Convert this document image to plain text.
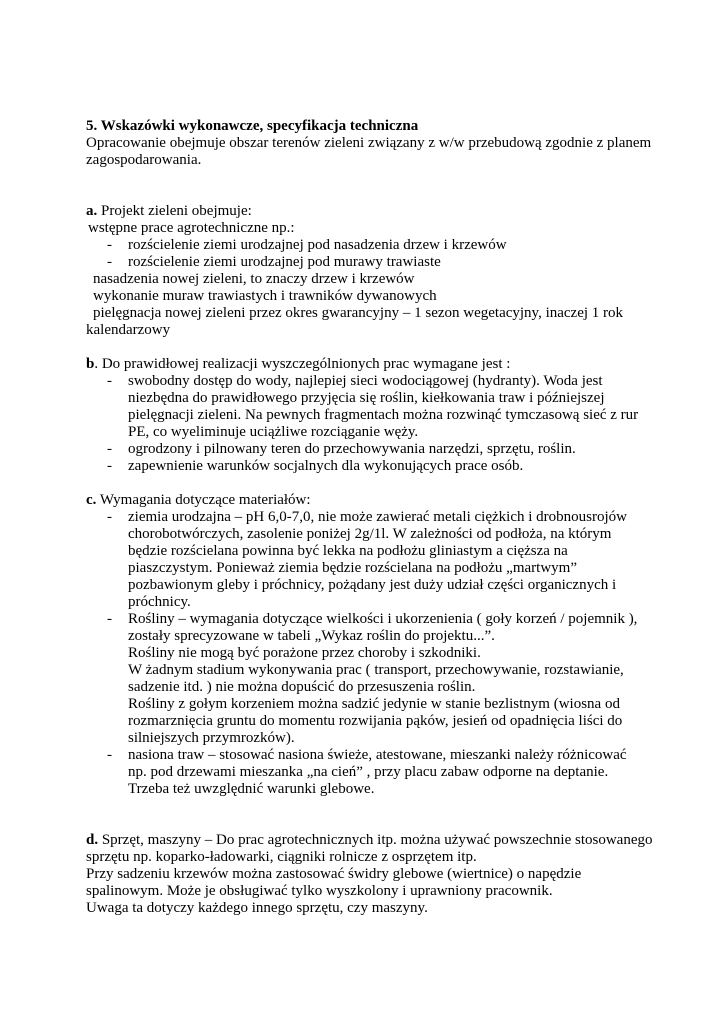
5. Wskazówki wykonawcze, specyfikacja techniczna
Opracowanie obejmuje obszar terenów zieleni związany z w/w przebudową zgodnie z planem
zagospodarowania.
a. Projekt zieleni obejmuje:
wstępne prace agrotechniczne np.:
- rozścielenie ziemi urodzajnej pod nasadzenia drzew i krzewów
- rozścielenie ziemi urodzajnej pod murawy trawiaste
nasadzenia nowej zieleni, to znaczy drzew i krzewów
wykonanie muraw trawiastych i trawników dywanowych
pielęgnacja nowej zieleni przez okres gwarancyjny – 1 sezon wegetacyjny, inaczej 1 rok
kalendarzowy
b. Do prawidłowej realizacji wyszczególnionych prac wymagane jest :
- swobodny dostęp do wody, najlepiej sieci wodociągowej (hydranty). Woda jest
niezbędna do prawidłowego przyjęcia się roślin, kiełkowania traw i późniejszej
pielęgnacji zieleni. Na pewnych fragmentach można rozwinąć tymczasową sieć z rur
PE, co wyeliminuje uciążliwe rozciąganie węży.
- ogrodzony i pilnowany teren do przechowywania narzędzi, sprzętu, roślin.
- zapewnienie warunków socjalnych dla wykonujących prace osób.
c. Wymagania dotyczące materiałów:
- ziemia urodzajna – pH 6,0-7,0, nie może zawierać metali ciężkich i drobnousrojów
chorobotwórczych, zasolenie poniżej 2g/1l. W zależności od podłoża, na którym
będzie rozścielana powinna być lekka na podłożu gliniastym a cięższa na
piaszczystym. Ponieważ ziemia będzie rozścielana na podłożu „martwym”
pozbawionym gleby i próchnicy, pożądany jest duży udział części organicznych i
próchnicy.
- Rośliny – wymagania dotyczące wielkości i ukorzenienia ( goły korzeń / pojemnik ),
zostały sprecyzowane w tabeli „Wykaz roślin do projektu...”.
Rośliny nie mogą być porażone przez choroby i szkodniki.
W żadnym stadium wykonywania prac ( transport, przechowywanie, rozstawianie,
sadzenie itd. ) nie można dopuścić do przesuszenia roślin.
Rośliny z gołym korzeniem można sadzić jedynie w stanie bezlistnym (wiosna od
rozmarznięcia gruntu do momentu rozwijania pąków, jesień od opadnięcia liści do
silniejszych przymrozków).
- nasiona traw – stosować nasiona świeże, atestowane, mieszanki należy różnicować
np. pod drzewami mieszanka „na cień” , przy placu zabaw odporne na deptanie.
Trzeba też uwzględnić warunki glebowe.
d. Sprzęt, maszyny – Do prac agrotechnicznych itp. można używać powszechnie stosowanego
sprzętu np. koparko-ładowarki, ciągniki rolnicze z osprzętem itp.
Przy sadzeniu krzewów można zastosować świdry glebowe (wiertnice) o napędzie
spalinowym. Może je obsługiwać tylko wyszkolony i uprawniony pracownik.
Uwaga ta dotyczy każdego innego sprzętu, czy maszyny.
